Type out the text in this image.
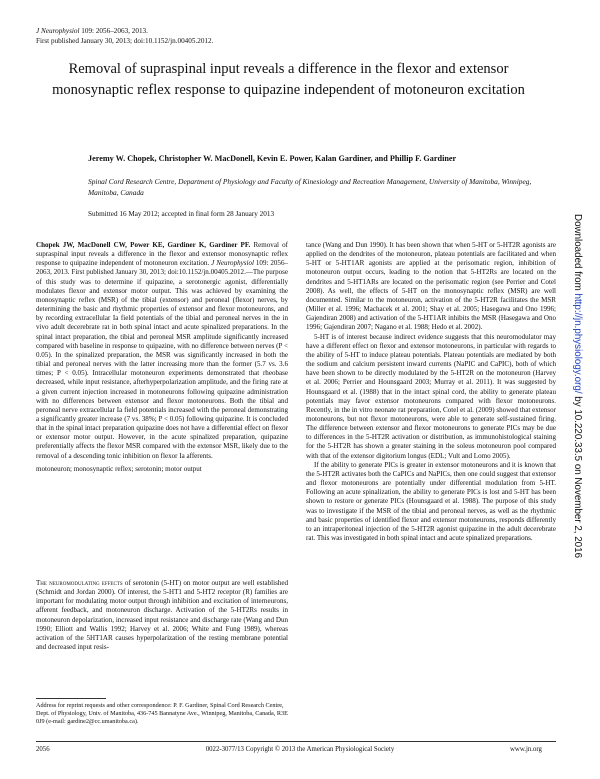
J Neurophysiol 109: 2056–2063, 2013.
First published January 30, 2013; doi:10.1152/jn.00405.2012.
Removal of supraspinal input reveals a difference in the flexor and extensor monosynaptic reflex response to quipazine independent of motoneuron excitation
Jeremy W. Chopek, Christopher W. MacDonell, Kevin E. Power, Kalan Gardiner, and Phillip F. Gardiner
Spinal Cord Research Centre, Department of Physiology and Faculty of Kinesiology and Recreation Management, University of Manitoba, Winnipeg, Manitoba, Canada
Submitted 16 May 2012; accepted in final form 28 January 2013

Chopek JW, MacDonell CW, Power KE, Gardiner K, Gardiner PF. Removal of supraspinal input reveals a difference in the flexor and extensor monosynaptic reflex response to quipazine independent of motoneuron excitation. J Neurophysiol 109: 2056–2063, 2013. First published January 30, 2013; doi:10.1152/jn.00405.2012.—The purpose of this study was to determine if quipazine, a serotonergic agonist, differentially modulates flexor and extensor motor output. This was achieved by examining the monosynaptic reflex (MSR) of the tibial (extensor) and peroneal (flexor) nerves, by determining the basic and rhythmic properties of extensor and flexor motoneurons, and by recording extracellular Ia field potentials of the tibial and peroneal nerves in the in vivo adult decerebrate rat in both spinal intact and acute spinalized preparations. In the spinal intact preparation, the tibial and peroneal MSR amplitude significantly increased compared with baseline in response to quipazine, with no difference between nerves (P < 0.05). In the spinalized preparation, the MSR was significantly increased in both the tibial and peroneal nerves with the latter increasing more than the former (5.7 vs. 3.6 times; P < 0.05). Intracellular motoneuron experiments demonstrated that rheobase decreased, while input resistance, afterhyperpolarization amplitude, and the firing rate at a given current injection increased in motoneurons following quipazine administration with no differences between extensor and flexor motoneurons. Both the tibial and peroneal nerve extracellular Ia field potentials increased with the peroneal demonstrating a significantly greater increase (7 vs. 38%; P < 0.05) following quipazine. It is concluded that in the spinal intact preparation quipazine does not have a differential effect on flexor or extensor motor output. However, in the acute spinalized preparation, quipazine preferentially affects the flexor MSR compared with the extensor MSR, likely due to the removal of a descending tonic inhibition on flexor Ia afferents.

motoneuron; monosynaptic reflex; serotonin; motor output

The neuromodulating effects of serotonin (5-HT) on motor output are well established (Schmidt and Jordan 2000). Of interest, the 5-HT1 and 5-HT2 receptor (R) families are important for modulating motor output through inhibition and excitation of interneurons, afferent feedback, and motoneuron discharge. Activation of the 5-HT2Rs results in motoneuron depolarization, increased input resistance and discharge rate (Wang and Dun 1990; Elliott and Wallis 1992; Harvey et al. 2006; White and Fung 1989), whereas activation of the 5HT1AR causes hyperpolarization of the resting membrane potential and decreased input resis-

tance (Wang and Dun 1990). It has been shown that when 5-HT or 5-HT2R agonists are applied on the dendrites of the motoneuron, plateau potentials are facilitated and when 5-HT or 5-HT1AR agonists are applied at the perisomatic region, inhibition of motoneuron output occurs, leading to the notion that 5-HT2Rs are located on the dendrites and 5-HT1ARs are located on the perisomatic region (see Perrier and Cotel 2008). As well, the effects of 5-HT on the monosynaptic reflex (MSR) are well documented. Similar to the motoneuron, activation of the 5-HT2R facilitates the MSR (Miller et al. 1996; Machacek et al. 2001; Shay et al. 2005; Hasegawa and Ono 1996; Gajendiran 2008) and activation of the 5-HT1AR inhibits the MSR (Hasegawa and Ono 1996; Gajendiran 2007; Nagano et al. 1988; Hedo et al. 2002).

5-HT is of interest because indirect evidence suggests that this neuromodulator may have a different effect on flexor and extensor motoneurons, in particular with regards to the ability of 5-HT to induce plateau potentials. Plateau potentials are mediated by both the sodium and calcium persistent inward currents (NaPIC and CaPIC), both of which have been shown to be directly modulated by the 5-HT2R on the motoneuron (Harvey et al. 2006; Perrier and Hounsgaard 2003; Murray et al. 2011). It was suggested by Hounsgaard et al. (1988) that in the intact spinal cord, the ability to generate plateau potentials may favor extensor motoneurons compared with flexor motoneurons. Recently, in the in vitro neonate rat preparation, Cotel et al. (2009) showed that extensor motoneurons, but not flexor motoneurons, were able to generate self-sustained firing. The difference between extensor and flexor motoneurons to generate PICs may be due to differences in the 5-HT2R activation or distribution, as immunohistological staining for the 5-HT2R has shown a greater staining in the soleus motoneuron pool compared with that of the extensor digitorium longus (EDL; Vult and Lomo 2005).

If the ability to generate PICs is greater in extensor motoneurons and it is known that the 5-HT2R activates both the CaPICs and NaPICs, then one could suggest that extensor and flexor motoneurons are potentially under differential modulation from 5-HT. Following an acute spinalization, the ability to generate PICs is lost and 5-HT has been shown to restore or generate PICs (Hounsgaard et al. 1988). The purpose of this study was to investigate if the MSR of the tibial and peroneal nerves, as well as the rhythmic and basic properties of identified flexor and extensor motoneurons, responds differently to an intraperitoneal injection of the 5-HT2R agonist quipazine in the adult decerebrate rat. This was investigated in both spinal intact and acute spinalized preparations.

Address for reprint requests and other correspondence: P. F. Gardiner, Spinal Cord Research Centre, Dept. of Physiology, Univ. of Manitoba, 436-745 Bannatyne Ave., Winnipeg, Manitoba, Canada, R3E 0J9 (e-mail: gardine2@cc.umanitoba.ca).
2056	0022-3077/13 Copyright © 2013 the American Physiological Society	www.jn.org
Downloaded from http://jn.physiology.org/ by 10.220.33.5 on November 2, 2016
